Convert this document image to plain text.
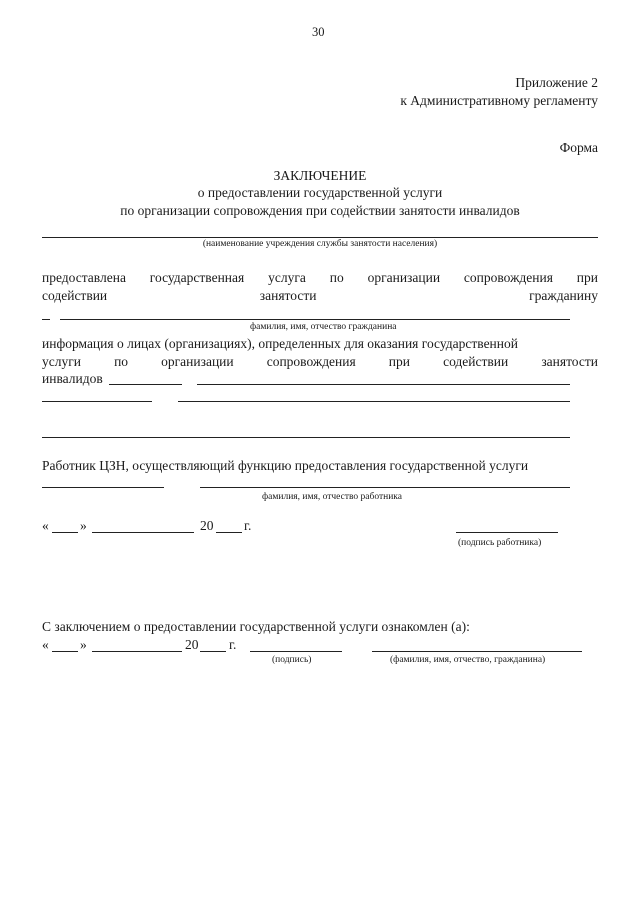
30
Приложение 2
к Административному регламенту
Форма
ЗАКЛЮЧЕНИЕ
о предоставлении государственной услуги
по организации сопровождения при содействии занятости инвалидов
(наименование учреждения службы занятости населения)
предоставлена государственная услуга по организации сопровождения при
содействии	занятости	гражданину
фамилия, имя, отчество гражданина
информация о лицах (организациях), определенных для оказания государственной
услуги по организации сопровождения при содействии занятости
инвалидов
Работник ЦЗН, осуществляющий функцию предоставления государственной услуги
фамилия, имя, отчество работника
« »	20 г.
(подпись работника)
С заключением о предоставлении государственной услуги ознакомлен (а):
« »	20 г.
(подпись)	(фамилия, имя, отчество, гражданина)
